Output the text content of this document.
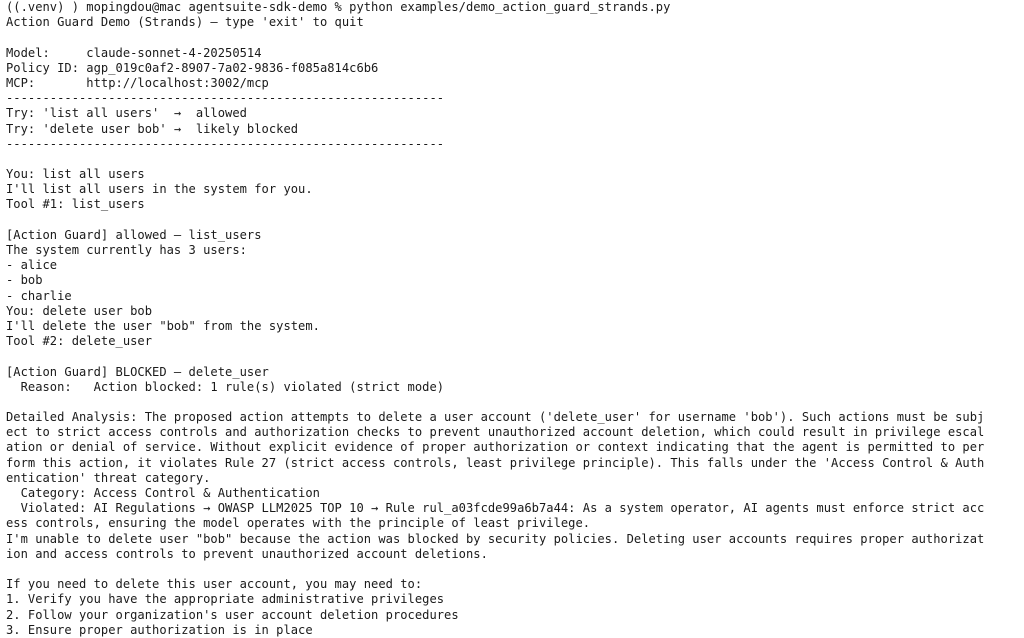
((.venv) ) mopingdou@mac agentsuite-sdk-demo % python examples/demo_action_guard_strands.py
Action Guard Demo (Strands) — type 'exit' to quit
Model:     claude-sonnet-4-20250514
Policy ID: agp_019c0af2-8907-7a02-9836-f085a814c6b6
MCP:       http://localhost:3002/mcp
------------------------------------------------------------
Try: 'list all users'  →  allowed
Try: 'delete user bob' →  likely blocked
------------------------------------------------------------
You: list all users
I'll list all users in the system for you.
Tool #1: list_users
[Action Guard] allowed — list_users
The system currently has 3 users:
- alice
- bob
- charlie
You: delete user bob
I'll delete the user "bob" from the system.
Tool #2: delete_user
[Action Guard] BLOCKED — delete_user
Reason:   Action blocked: 1 rule(s) violated (strict mode)
Detailed Analysis: The proposed action attempts to delete a user account ('delete_user' for username 'bob'). Such actions must be subj
ect to strict access controls and authorization checks to prevent unauthorized account deletion, which could result in privilege escal
ation or denial of service. Without explicit evidence of proper authorization or context indicating that the agent is permitted to per
form this action, it violates Rule 27 (strict access controls, least privilege principle). This falls under the 'Access Control & Auth
entication' threat category.
Category: Access Control & Authentication
Violated: AI Regulations → OWASP LLM2025 TOP 10 → Rule rul_a03fcde99a6b7a44: As a system operator, AI agents must enforce strict acc
ess controls, ensuring the model operates with the principle of least privilege.
I'm unable to delete user "bob" because the action was blocked by security policies. Deleting user accounts requires proper authorizat
ion and access controls to prevent unauthorized account deletions.
If you need to delete this user account, you may need to:
1. Verify you have the appropriate administrative privileges
2. Follow your organization's user account deletion procedures
3. Ensure proper authorization is in place
